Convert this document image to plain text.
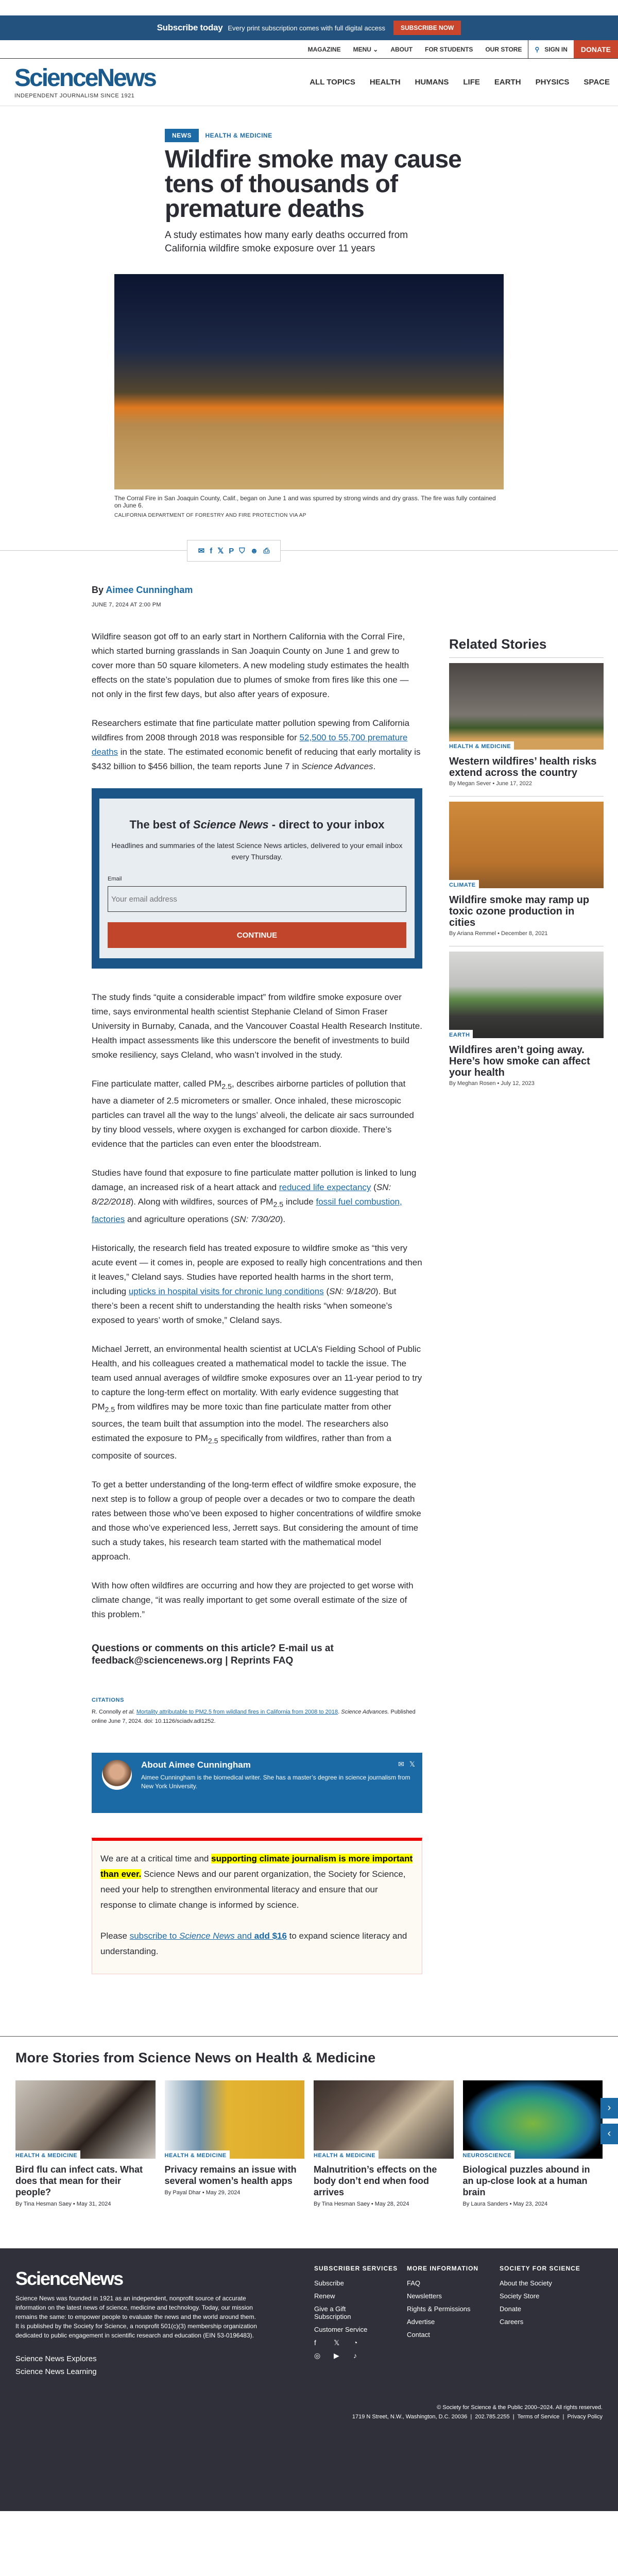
Subscribe today Every print subscription comes with full digital access	SUBSCRIBE NOW
MAGAZINE MENU ⌄ ABOUT FOR STUDENTS OUR STORE ⚲ SIGN IN	DONATE
ScienceNews
INDEPENDENT JOURNALISM SINCE 1921
ALL TOPICS HEALTH HUMANS LIFE EARTH PHYSICS SPACE
NEWS HEALTH & MEDICINE
Wildfire smoke may cause tens of thousands of premature deaths
A study estimates how many early deaths occurred from California wildfire smoke exposure over 11 years
The Corral Fire in San Joaquin County, Calif., began on June 1 and was spurred by strong winds and dry grass. The fire was fully contained on June 6.
CALIFORNIA DEPARTMENT OF FORESTRY AND FIRE PROTECTION VIA AP
✉ f 𝕏 P ⛉ ☻ ⎙
By Aimee Cunningham
JUNE 7, 2024 AT 2:00 PM

Wildfire season got off to an early start in Northern California with the Corral Fire, which started burning grasslands in San Joaquin County on June 1 and grew to cover more than 50 square kilometers. A new modeling study estimates the health effects on the state’s population due to plumes of smoke from fires like this one — not only in the first few days, but also after years of exposure.

Researchers estimate that fine particulate matter pollution spewing from California wildfires from 2008 through 2018 was responsible for 52,500 to 55,700 premature deaths in the state. The estimated economic benefit of reducing that early mortality is $432 billion to $456 billion, the team reports June 7 in Science Advances.

The best of Science News - direct to your inbox
Headlines and summaries of the latest Science News articles, delivered to your email inbox every Thursday.
Email
Your email address
CONTINUE

The study finds “quite a considerable impact” from wildfire smoke exposure over time, says environmental health scientist Stephanie Cleland of Simon Fraser University in Burnaby, Canada, and the Vancouver Coastal Health Research Institute. Health impact assessments like this underscore the benefit of investments to build smoke resiliency, says Cleland, who wasn’t involved in the study.

Fine particulate matter, called $PM_{2.5}$, describes airborne particles of pollution that have a diameter of 2.5 micrometers or smaller. Once inhaled, these microscopic particles can travel all the way to the lungs’ alveoli, the delicate air sacs surrounded by tiny blood vessels, where oxygen is exchanged for carbon dioxide. There’s evidence that the particles can even enter the bloodstream.

Studies have found that exposure to fine particulate matter pollution is linked to lung damage, an increased risk of a heart attack and reduced life expectancy (SN: 8/22/2018). Along with wildfires, sources of $PM_{2.5}$ include fossil fuel combustion, factories and agriculture operations (SN: 7/30/20).

Historically, the research field has treated exposure to wildfire smoke as “this very acute event — it comes in, people are exposed to really high concentrations and then it leaves,” Cleland says. Studies have reported health harms in the short term, including upticks in hospital visits for chronic lung conditions (SN: 9/18/20). But there’s been a recent shift to understanding the health risks “when someone’s exposed to years’ worth of smoke,” Cleland says.

Michael Jerrett, an environmental health scientist at UCLA’s Fielding School of Public Health, and his colleagues created a mathematical model to tackle the issue. The team used annual averages of wildfire smoke exposures over an 11-year period to try to capture the long-term effect on mortality. With early evidence suggesting that $PM_{2.5}$ from wildfires may be more toxic than fine particulate matter from other sources, the team built that assumption into the model. The researchers also estimated the exposure to $PM_{2.5}$ specifically from wildfires, rather than from a composite of sources.

To get a better understanding of the long-term effect of wildfire smoke exposure, the next step is to follow a group of people over a decades or two to compare the death rates between those who’ve been exposed to higher concentrations of wildfire smoke and those who’ve experienced less, Jerrett says. But considering the amount of time such a study takes, his research team started with the mathematical model approach.

With how often wildfires are occurring and how they are projected to get worse with climate change, “it was really important to get some overall estimate of the size of this problem.”

Questions or comments on this article? E-mail us at feedback@sciencenews.org | Reprints FAQ
CITATIONS
R. Connolly et al. Mortality attributable to PM2.5 from wildland fires in California from 2008 to 2018. Science Advances. Published online June 7, 2024. doi: 10.1126/sciadv.adl1252.
About Aimee Cunningham

Aimee Cunningham is the biomedical writer. She has a master’s degree in science journalism from New York University.

✉ 𝕏

We are at a critical time and supporting climate journalism is more important than ever. Science News and our parent organization, the Society for Science, need your help to strengthen environmental literacy and ensure that our response to climate change is informed by science.

Please subscribe to Science News and add $16 to expand science literacy and understanding.

Related Stories
HEALTH & MEDICINE
Western wildfires’ health risks extend across the country
By Megan Sever • June 17, 2022
CLIMATE
Wildfire smoke may ramp up toxic ozone production in cities
By Ariana Remmel • December 8, 2021
EARTH
Wildfires aren’t going away. Here’s how smoke can affect your health
By Meghan Rosen • July 12, 2023
More Stories from Science News on Health & Medicine
HEALTH & MEDICINE
Bird flu can infect cats. What does that mean for their people?
By Tina Hesman Saey • May 31, 2024
HEALTH & MEDICINE
Privacy remains an issue with several women’s health apps
By Payal Dhar • May 29, 2024
HEALTH & MEDICINE
Malnutrition’s effects on the body don’t end when food arrives
By Tina Hesman Saey • May 28, 2024
NEUROSCIENCE
Biological puzzles abound in an up-close look at a human brain
By Laura Sanders • May 23, 2024
›
‹
ScienceNews
Science News was founded in 1921 as an independent, nonprofit source of accurate information on the latest news of science, medicine and technology. Today, our mission remains the same: to empower people to evaluate the news and the world around them. It is published by the Society for Science, a nonprofit 501(c)(3) membership organization dedicated to public engagement in scientific research and education (EIN 53-0196483).
Science News Explores
Science News Learning
SUBSCRIBER SERVICES
Subscribe
Renew
Give a Gift Subscription
Customer Service
f	𝕏	◔
◎	▶	♪
MORE INFORMATION
FAQ
Newsletters
Rights & Permissions
Advertise
Contact
SOCIETY FOR SCIENCE
About the Society
Society Store
Donate
Careers
© Society for Science & the Public 2000–2024. All rights reserved.
1719 N Street, N.W., Washington, D.C. 20036  |  202.785.2255  |  Terms of Service  |  Privacy Policy
